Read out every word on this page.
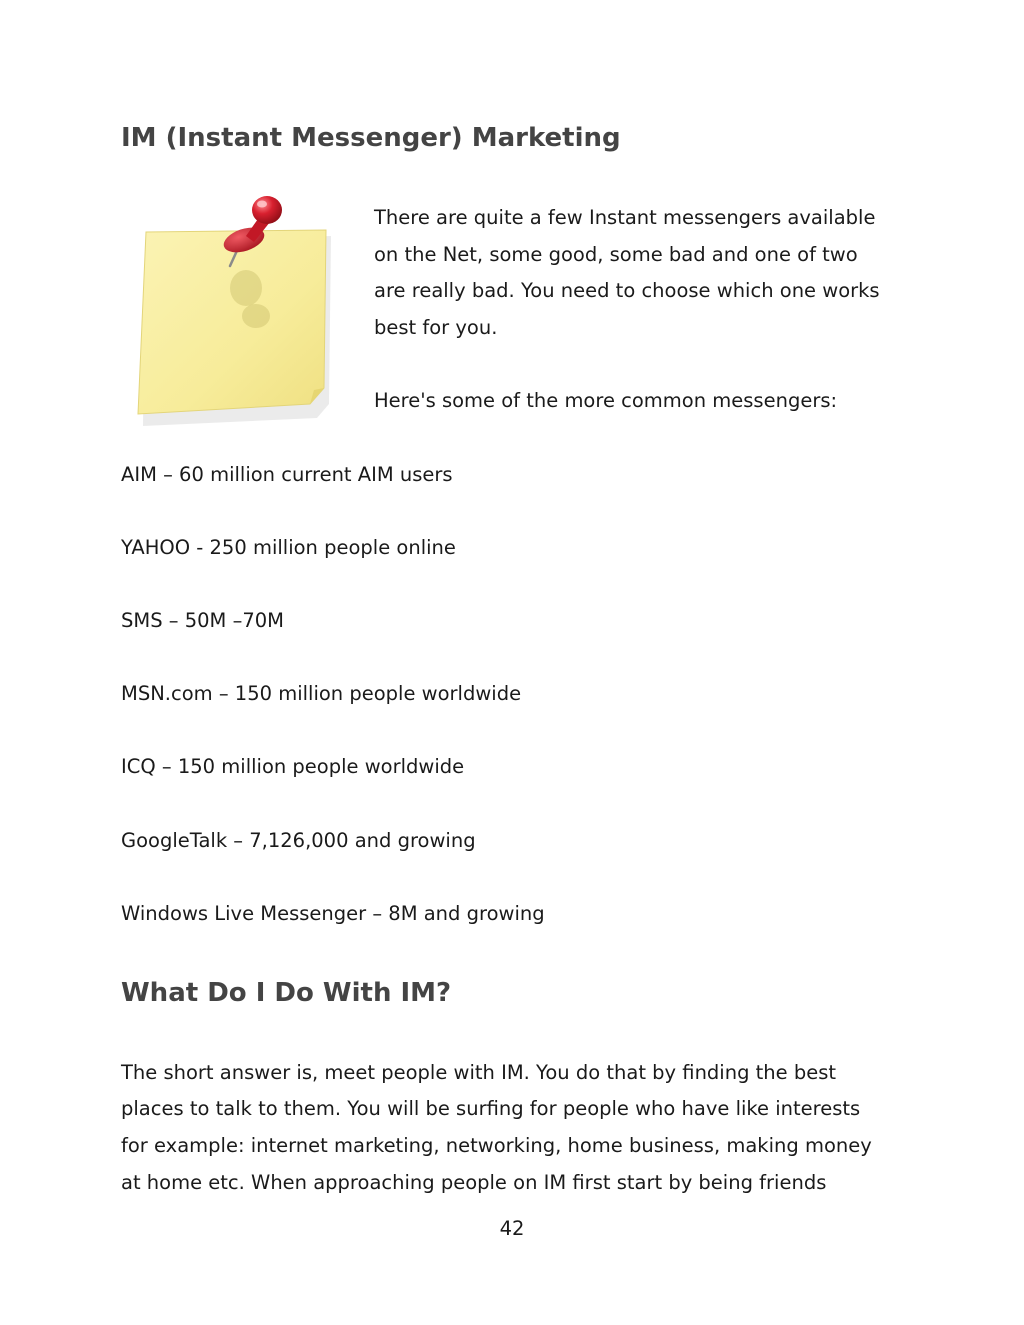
IM (Instant Messenger) Marketing

There are quite a few Instant messengers available

on the Net, some good, some bad and one of two

are really bad. You need to choose which one works

best for you.

Here's some of the more common messengers:

AIM – 60 million current AIM users

YAHOO - 250 million people online

SMS – 50M –70M

MSN.com – 150 million people worldwide

ICQ – 150 million people worldwide

GoogleTalk – 7,126,000 and growing

Windows Live Messenger – 8M and growing

What Do I Do With IM?

The short answer is, meet people with IM. You do that by finding the best

places to talk to them. You will be surfing for people who have like interests

for example: internet marketing, networking, home business, making money

at home etc. When approaching people on IM first start by being friends

42
